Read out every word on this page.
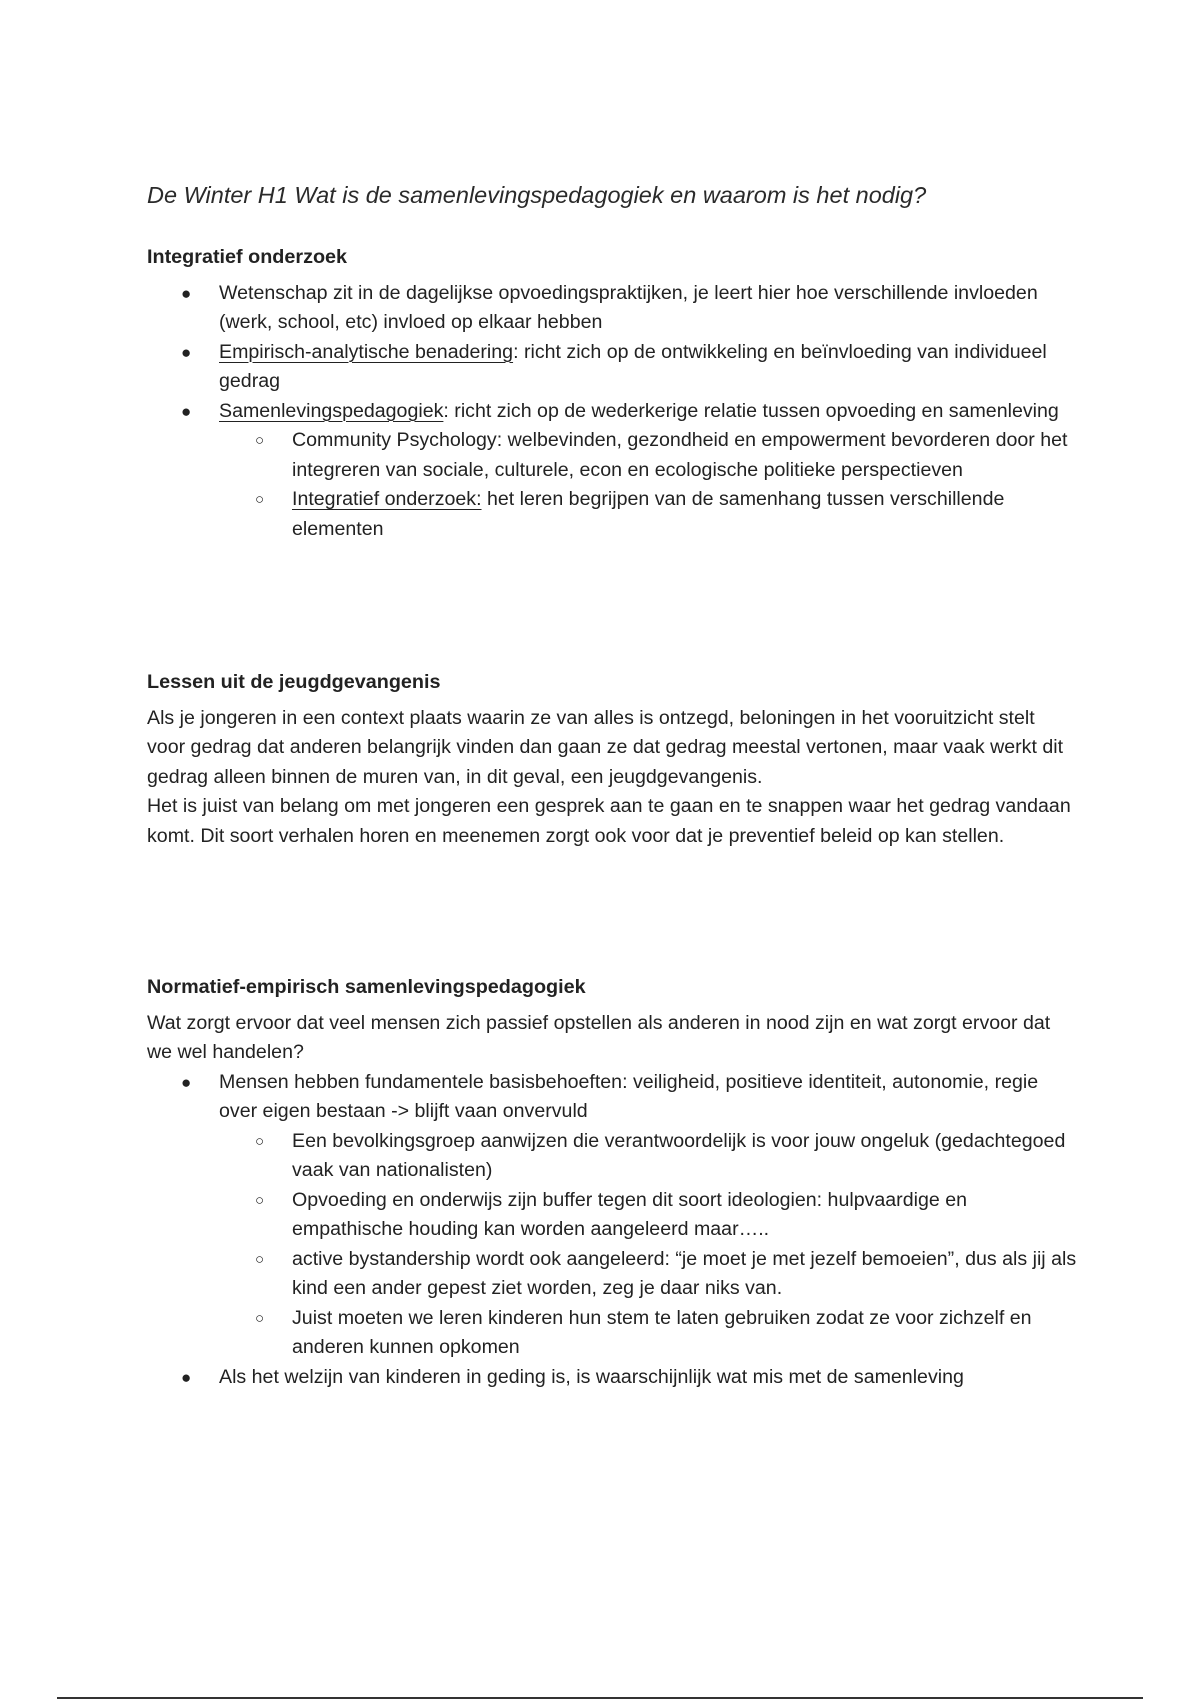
De Winter H1 Wat is de samenlevingspedagogiek en waarom is het nodig?
Integratief onderzoek
● Wetenschap zit in de dagelijkse opvoedingspraktijken, je leert hier hoe verschillende invloeden (werk, school, etc) invloed op elkaar hebben
● Empirisch-analytische benadering: richt zich op de ontwikkeling en beïnvloeding van individueel gedrag
● Samenlevingspedagogiek: richt zich op de wederkerige relatie tussen opvoeding en samenleving
○ Community Psychology: welbevinden, gezondheid en empowerment bevorderen door het integreren van sociale, culturele, econ en ecologische politieke perspectieven
○ Integratief onderzoek: het leren begrijpen van de samenhang tussen verschillende elementen
Lessen uit de jeugdgevangenis

Als je jongeren in een context plaats waarin ze van alles is ontzegd, beloningen in het vooruitzicht stelt voor gedrag dat anderen belangrijk vinden dan gaan ze dat gedrag meestal vertonen, maar vaak werkt dit gedrag alleen binnen de muren van, in dit geval, een jeugdgevangenis.

Het is juist van belang om met jongeren een gesprek aan te gaan en te snappen waar het gedrag vandaan komt. Dit soort verhalen horen en meenemen zorgt ook voor dat je preventief beleid op kan stellen.

Normatief-empirisch samenlevingspedagogiek

Wat zorgt ervoor dat veel mensen zich passief opstellen als anderen in nood zijn en wat zorgt ervoor dat we wel handelen?

● Mensen hebben fundamentele basisbehoeften: veiligheid, positieve identiteit, autonomie, regie over eigen bestaan -> blijft vaan onvervuld
○ Een bevolkingsgroep aanwijzen die verantwoordelijk is voor jouw ongeluk (gedachtegoed vaak van nationalisten)
○ Opvoeding en onderwijs zijn buffer tegen dit soort ideologien: hulpvaardige en empathische houding kan worden aangeleerd maar…..
○ active bystandership wordt ook aangeleerd: “je moet je met jezelf bemoeien”, dus als jij als kind een ander gepest ziet worden, zeg je daar niks van.
○ Juist moeten we leren kinderen hun stem te laten gebruiken zodat ze voor zichzelf en anderen kunnen opkomen
● Als het welzijn van kinderen in geding is, is waarschijnlijk wat mis met de samenleving
